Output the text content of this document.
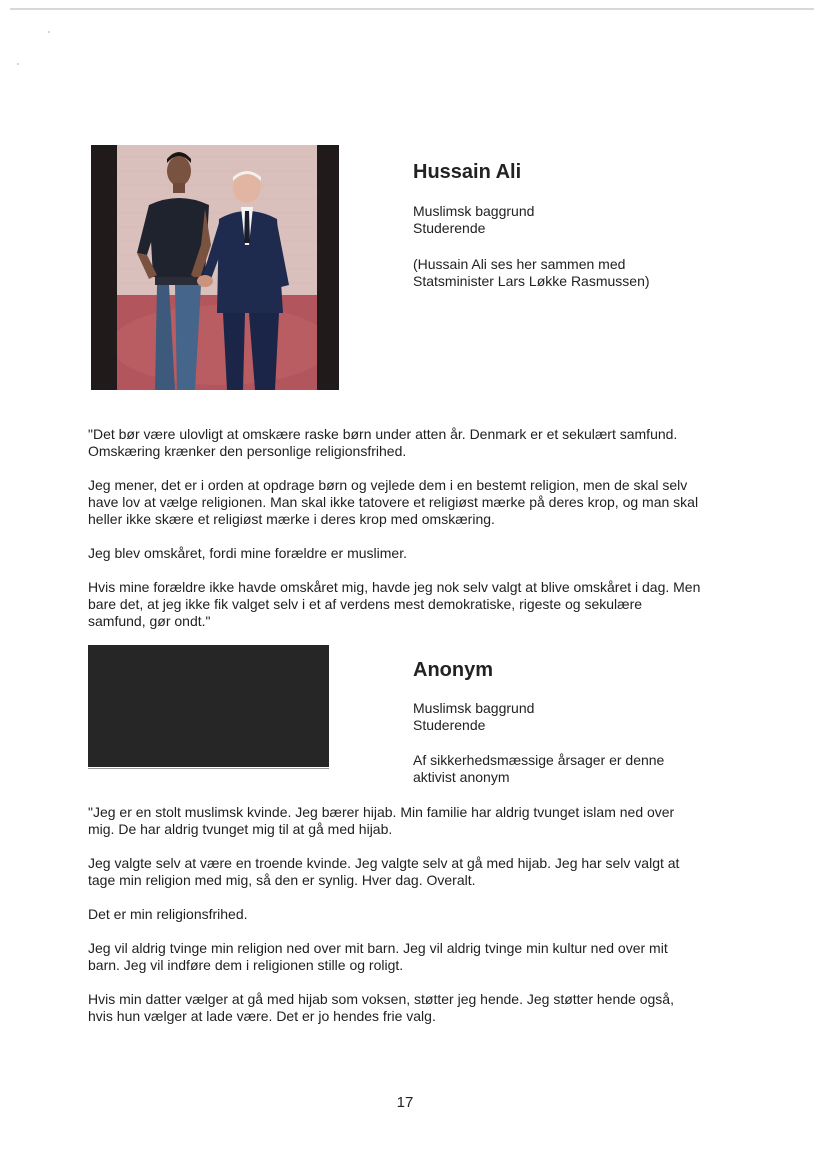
Hussain Ali
Muslimsk baggrund
Studerende
(Hussain Ali ses her sammen med
Statsminister Lars Løkke Rasmussen)

"Det bør være ulovligt at omskære raske børn under atten år. Denmark er et sekulært samfund.
Omskæring krænker den personlige religionsfrihed.

Jeg mener, det er i orden at opdrage børn og vejlede dem i en bestemt religion, men de skal selv
have lov at vælge religionen. Man skal ikke tatovere et religiøst mærke på deres krop, og man skal
heller ikke skære et religiøst mærke i deres krop med omskæring.

Jeg blev omskåret, fordi mine forældre er muslimer.

Hvis mine forældre ikke havde omskåret mig, havde jeg nok selv valgt at blive omskåret i dag. Men
bare det, at jeg ikke fik valget selv i et af verdens mest demokratiske, rigeste og sekulære
samfund, gør ondt."

Anonym
Muslimsk baggrund
Studerende
Af sikkerhedsmæssige årsager er denne
aktivist anonym

"Jeg er en stolt muslimsk kvinde. Jeg bærer hijab. Min familie har aldrig tvunget islam ned over
mig. De har aldrig tvunget mig til at gå med hijab.

Jeg valgte selv at være en troende kvinde. Jeg valgte selv at gå med hijab. Jeg har selv valgt at
tage min religion med mig, så den er synlig. Hver dag. Overalt.

Det er min religionsfrihed.

Jeg vil aldrig tvinge min religion ned over mit barn. Jeg vil aldrig tvinge min kultur ned over mit
barn. Jeg vil indføre dem i religionen stille og roligt.

Hvis min datter vælger at gå med hijab som voksen, støtter jeg hende. Jeg støtter hende også,
hvis hun vælger at lade være. Det er jo hendes frie valg.

17
